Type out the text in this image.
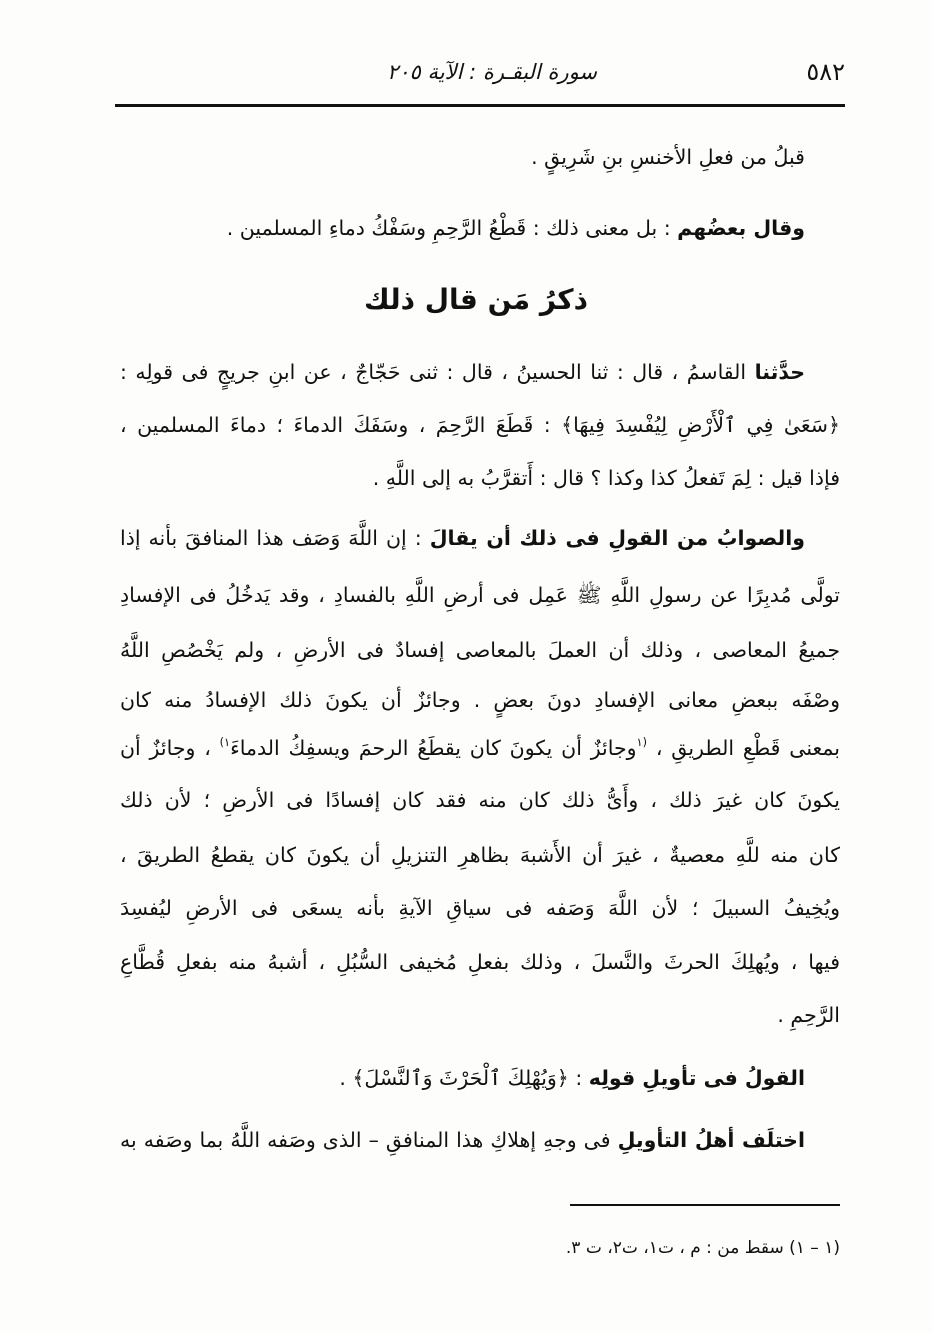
٥٨٢
سورة البقـرة : الآية ٢٠٥
قبلُ من فعلِ الأخنسِ بنِ شَرِيقٍ .
وقال بعضُهم : بل معنى ذلك : قَطْعُ الرَّحِمِ وسَفْكُ دماءِ المسلمين .
ذكرُ مَن قال ذلك
حدَّثنا القاسمُ ، قال : ثنا الحسينُ ، قال : ثنى حَجّاجٌ ، عن ابنِ جريجٍ فى قولِه :
﴿سَعَىٰ فِي ٱلْأَرْضِ لِيُفْسِدَ فِيهَا﴾ : قَطَعَ الرَّحِمَ ، وسَفَكَ الدماءَ ؛ دماءَ المسلمين ،
فإذا قيل : لِمَ تَفعلُ كذا وكذا ؟ قال : أَتقرَّبُ به إلى اللَّهِ .
والصوابُ من القولِ فى ذلك أن يقالَ : إن اللَّهَ وَصَف هذا المنافقَ بأنه إذا
تولَّى مُدبِرًا عن رسولِ اللَّهِ ﷺ عَمِل فى أرضِ اللَّهِ بالفسادِ ، وقد يَدخُلُ فى الإفسادِ
جميعُ المعاصى ، وذلك أن العملَ بالمعاصى إفسادٌ فى الأرضِ ، ولم يَخْصُصِ اللَّهُ
وصْفَه ببعضِ معانى الإفسادِ دونَ بعضٍ . وجائزٌ أن يكونَ ذلك الإفسادُ منه كان
بمعنى قَطْعِ الطريقِ ، $^{(١}$وجائزٌ أن يكونَ كان يقطَعُ الرحمَ ويسفِكُ الدماءَ$^{١)}$ ، وجائزٌ أن
يكونَ كان غيرَ ذلك ، وأَىُّ ذلك كان منه فقد كان إفسادًا فى الأرضِ ؛ لأن ذلك
كان منه للَّهِ معصيةٌ ، غيرَ أن الأَشبهَ بظاهرِ التنزيلِ أن يكونَ كان يقطعُ الطريقَ ،
ويُخِيفُ السبيلَ ؛ لأن اللَّهَ وَصَفه فى سياقِ الآيةِ بأنه يسعَى فى الأرضِ ليُفسِدَ
فيها ، ويُهلِكَ الحرثَ والنَّسلَ ، وذلك بفعلِ مُخيفى السُّبُلِ ، أشبهُ منه بفعلِ قُطَّاعِ
الرَّحِمِ .
القولُ فى تأويلِ قولِه : ﴿وَيُهْلِكَ ٱلْحَرْثَ وَٱلنَّسْلَ﴾ .
اختلَف أهلُ التأويلِ فى وجهِ إهلاكِ هذا المنافقِ – الذى وصَفه اللَّهُ بما وصَفه به
(١ – ١) سقط من : م ، ت١، ت٢، ت ٣.
